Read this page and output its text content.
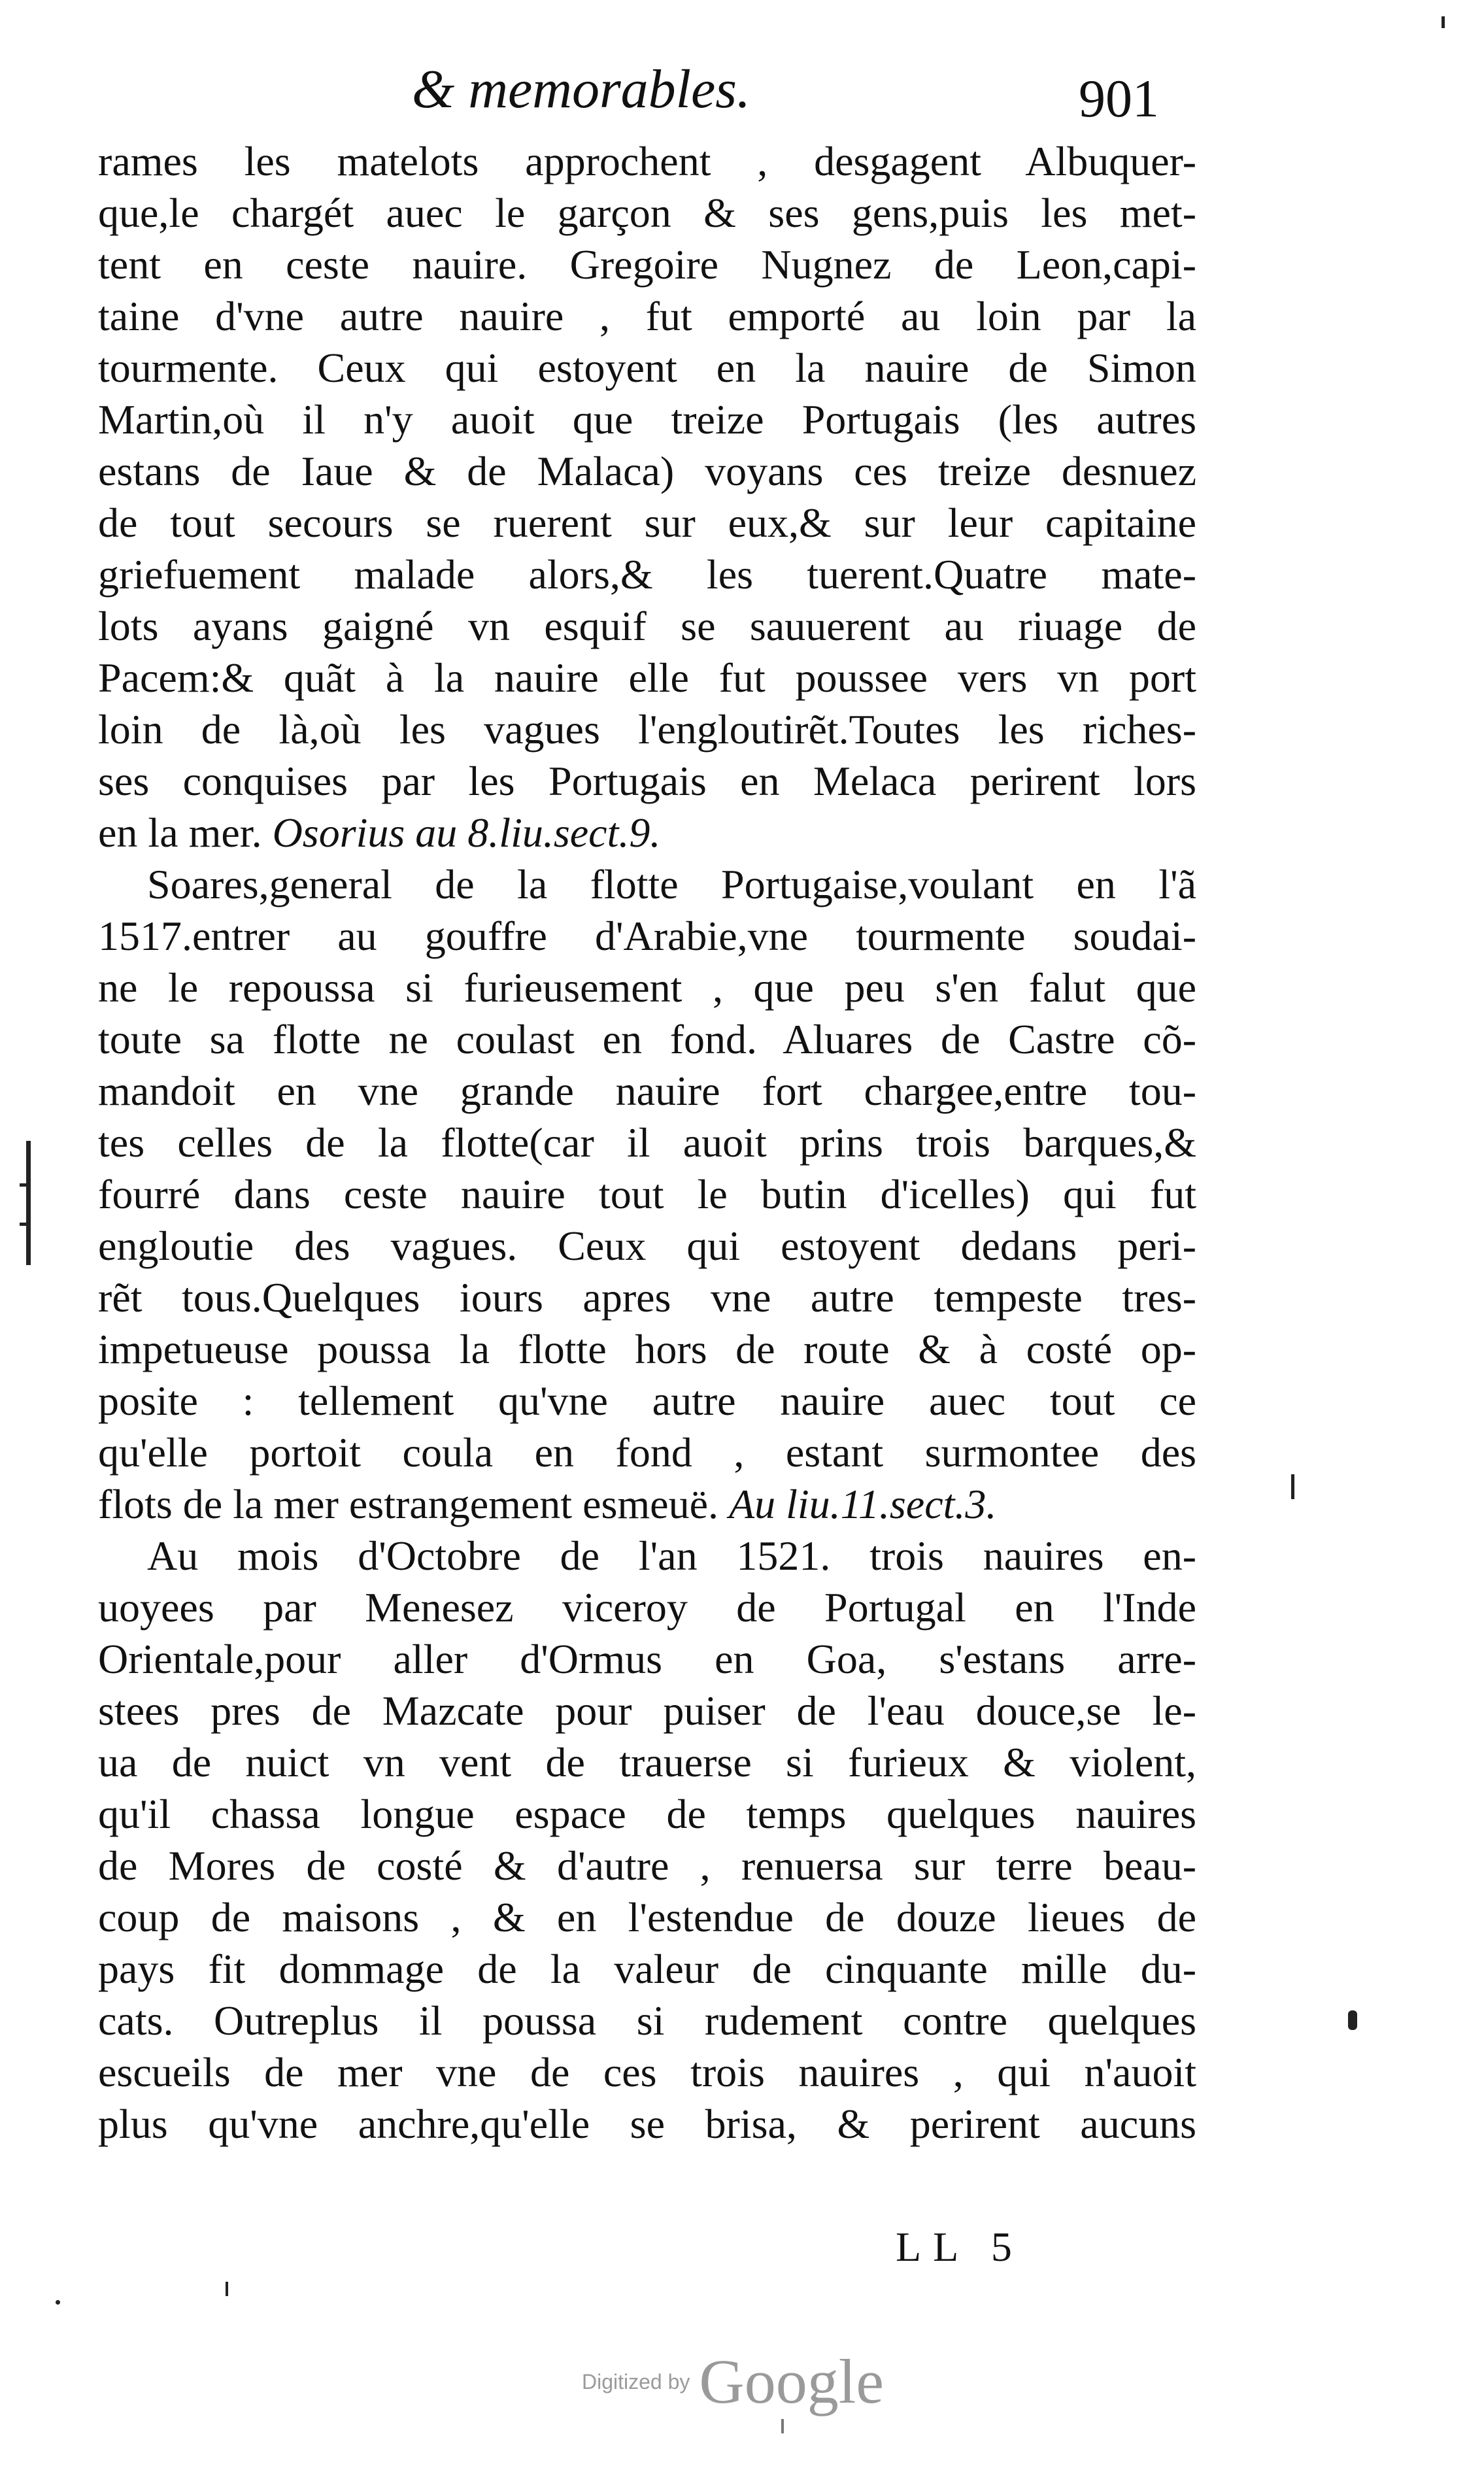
& memorables.	901
rames les matelots approchent , desgagent Albuquer-
que,le chargét auec le garçon & ses gens,puis les met-
tent en ceste nauire. Gregoire Nugnez de Leon,capi-
taine d'vne autre nauire , fut emporté au loin par la
tourmente. Ceux qui estoyent en la nauire de Simon
Martin,où il n'y auoit que treize Portugais (les autres
estans de Iaue & de Malaca) voyans ces treize desnuez
de tout secours se ruerent sur eux,& sur leur capitaine
griefuement malade alors,& les tuerent.Quatre mate-
lots ayans gaigné vn esquif se sauuerent au riuage de
Pacem:& quãt à la nauire elle fut poussee vers vn port
loin de là,où les vagues l'engloutirẽt.Toutes les riches-
ses conquises par les Portugais en Melaca perirent lors
en la mer. Osorius au 8.liu.sect.9.
Soares,general de la flotte Portugaise,voulant en l'ã
1517.entrer au gouffre d'Arabie,vne tourmente soudai-
ne le repoussa si furieusement , que peu s'en falut que
toute sa flotte ne coulast en fond. Aluares de Castre cõ-
mandoit en vne grande nauire fort chargee,entre tou-
tes celles de la flotte(car il auoit prins trois barques,&
fourré dans ceste nauire tout le butin d'icelles) qui fut
engloutie des vagues. Ceux qui estoyent dedans peri-
rẽt tous.Quelques iours apres vne autre tempeste tres-
impetueuse poussa la flotte hors de route & à costé op-
posite : tellement qu'vne autre nauire auec tout ce
qu'elle portoit coula en fond , estant surmontee des
flots de la mer estrangement esmeuë. Au liu.11.sect.3.
Au mois d'Octobre de l'an 1521. trois nauires en-
uoyees par Menesez viceroy de Portugal en l'Inde
Orientale,pour aller d'Ormus en Goa, s'estans arre-
stees pres de Mazcate pour puiser de l'eau douce,se le-
ua de nuict vn vent de trauerse si furieux & violent,
qu'il chassa longue espace de temps quelques nauires
de Mores de costé & d'autre , renuersa sur terre beau-
coup de maisons , & en l'estendue de douze lieues de
pays fit dommage de la valeur de cinquante mille du-
cats. Outreplus il poussa si rudement contre quelques
escueils de mer vne de ces trois nauires , qui n'auoit
plus qu'vne anchre,qu'elle se brisa, & perirent aucuns
LL 5
Digitized by Google
